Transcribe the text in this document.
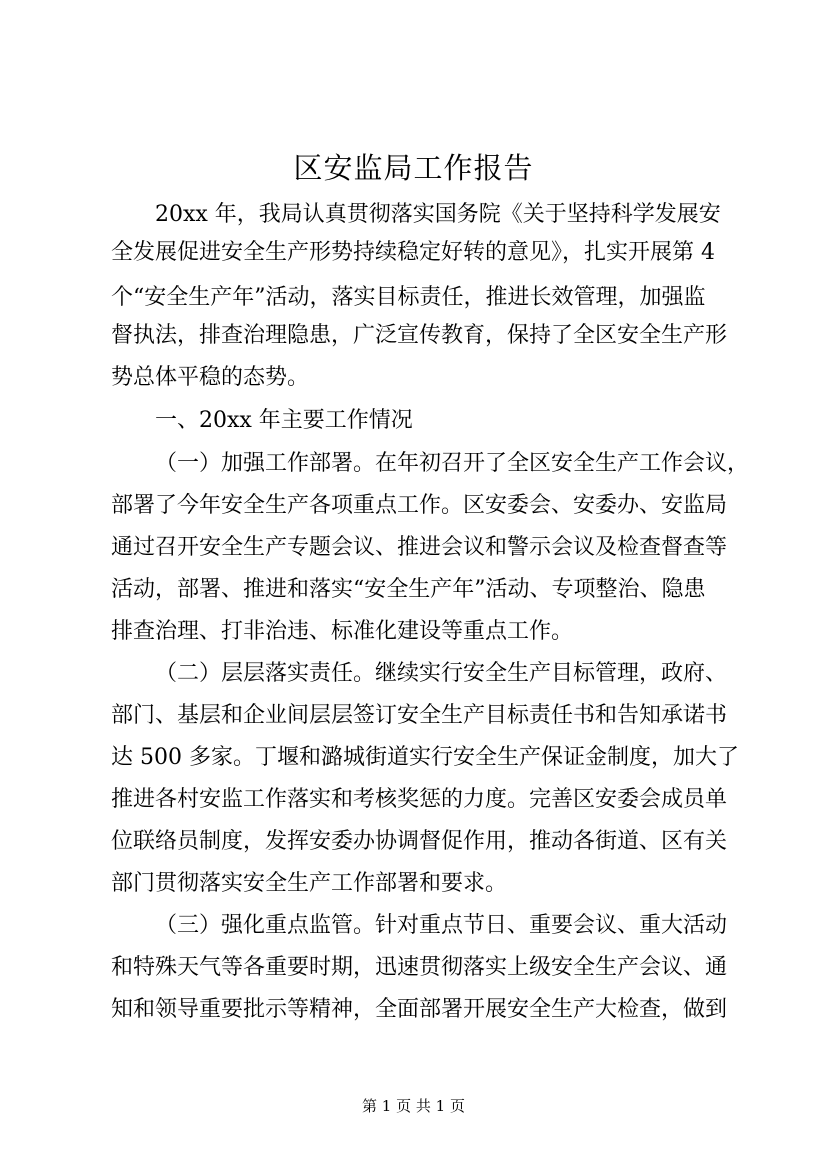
区安监局工作报告
20xx 年，我局认真贯彻落实国务院《关于坚持科学发展安
全发展促进安全生产形势持续稳定好转的意见》，扎实开展第 4
个“安全生产年”活动，落实目标责任，推进长效管理，加强监
督执法，排查治理隐患，广泛宣传教育，保持了全区安全生产形
势总体平稳的态势。
一、20xx 年主要工作情况
（一）加强工作部署。在年初召开了全区安全生产工作会议，
部署了今年安全生产各项重点工作。区安委会、安委办、安监局
通过召开安全生产专题会议、推进会议和警示会议及检查督查等
活动，部署、推进和落实“安全生产年”活动、专项整治、隐患
排查治理、打非治违、标准化建设等重点工作。
（二）层层落实责任。继续实行安全生产目标管理，政府、
部门、基层和企业间层层签订安全生产目标责任书和告知承诺书
达 500 多家。丁堰和潞城街道实行安全生产保证金制度，加大了
推进各村安监工作落实和考核奖惩的力度。完善区安委会成员单
位联络员制度，发挥安委办协调督促作用，推动各街道、区有关
部门贯彻落实安全生产工作部署和要求。
（三）强化重点监管。针对重点节日、重要会议、重大活动
和特殊天气等各重要时期，迅速贯彻落实上级安全生产会议、通
知和领导重要批示等精神，全面部署开展安全生产大检查，做到
第 1 页 共 1 页
